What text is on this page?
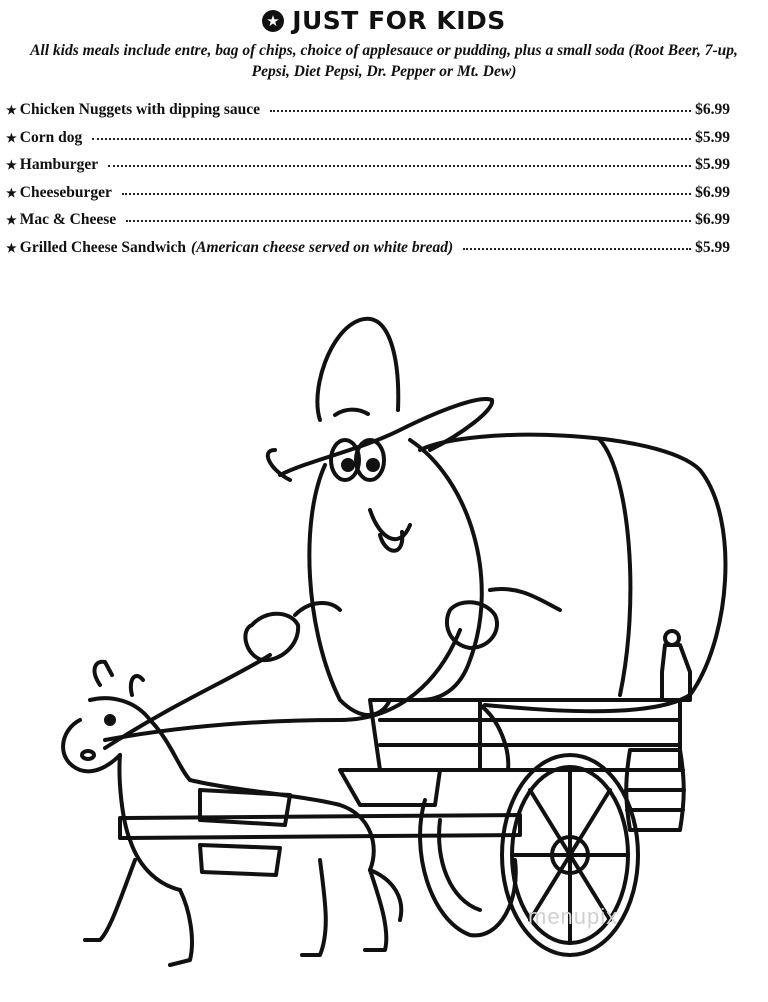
★ JUST FOR KIDS
All kids meals include entre, bag of chips, choice of applesauce or pudding, plus a small soda (Root Beer, 7-up, Pepsi, Diet Pepsi, Dr. Pepper or Mt. Dew)
★ Chicken Nuggets with dipping sauce	$6.99
★ Corn dog	$5.99
★ Hamburger	$5.99
★ Cheeseburger	$6.99
★ Mac & Cheese	$6.99
★ Grilled Cheese Sandwich (American cheese served on white bread)	$5.99
menupix
